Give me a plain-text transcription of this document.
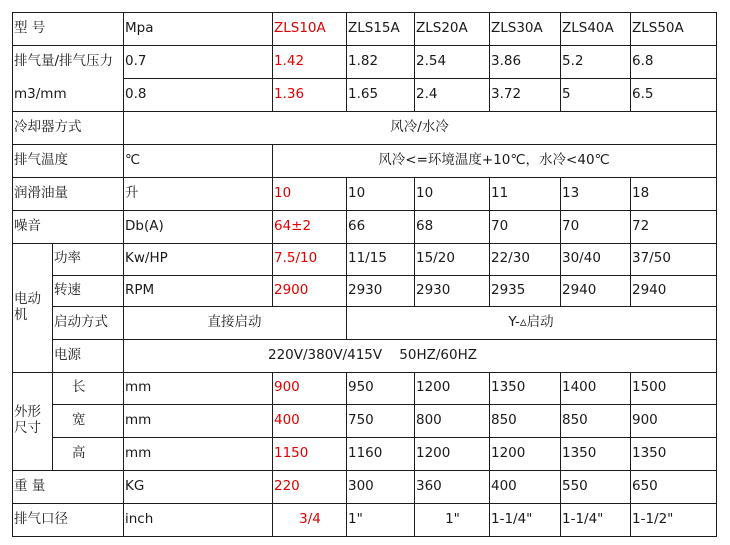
型 号	Mpa	ZLS10A	ZLS15A	ZLS20A	ZLS30A	ZLS40A	ZLS50A
排气量/排气压力 0.7	1.42	1.82	2.54	3.86	5.2	6.8
m3/mm	0.8	1.36	1.65	2.4	3.72	5	6.5
冷却器方式	风冷/水冷
排气温度	℃	风冷<=环境温度+10℃，水冷<40℃
润滑油量	升	10	10	10	11	13	18
噪音	Db(A)	64±2	66	68	70	70	72
电动机
功率	Kw/HP	7.5/10	11/15	15/20	22/30	30/40	37/50
转速	RPM	2900	2930	2930	2935	2940	2940
启动方式	直接启动	Y-▵启动
电源	220V/380V/415V    50HZ/60HZ
外形尺寸
长	mm	900	950	1200	1350	1400	1500
宽	mm	400	750	800	850	850	900
高	mm	1150	1160	1200	1200	1350	1350
重 量	KG	220	300	360	400	550	650
排气口径	inch	3/4	1"	1"	1-1/4"	1-1/4"	1-1/2"
